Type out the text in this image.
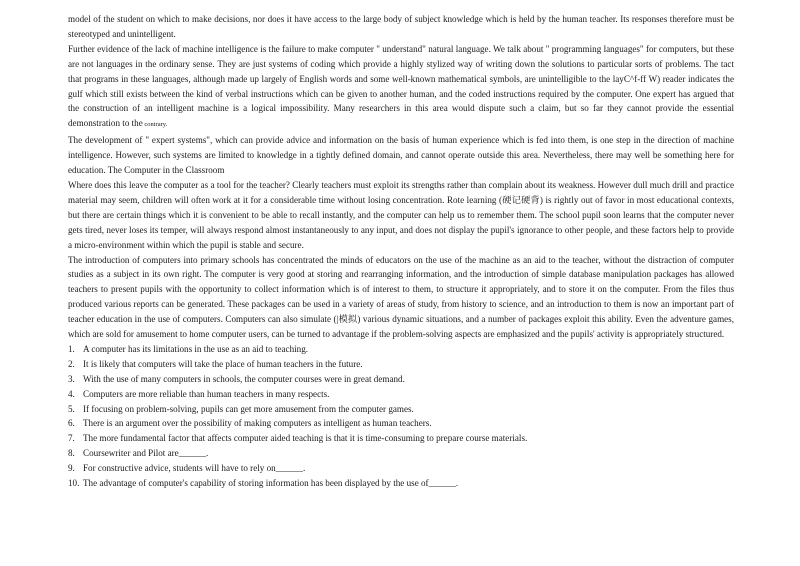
model of the student on which to make decisions, nor does it have access to the large body of subject knowledge which is held by the human teacher. Its responses therefore must be stereotyped and unintelligent.

Further evidence of the lack of machine intelligence is the failure to make computer " understand" natural language. We talk about " programming languages" for computers, but these are not languages in the ordinary sense. They are just systems of coding which provide a highly stylized way of writing down the solutions to particular sorts of problems. The tact that programs in these languages, although made up largely of English words and some well-known mathematical symbols, are unintelligible to the layC^f-ff W) reader indicates the gulf which still exists between the kind of verbal instructions which can be given to another human, and the coded instructions required by the computer. One expert has argued that the construction of an intelligent machine is a logical impossibility. Many researchers in this area would dispute such a claim, but so far they cannot provide the essential demonstration to the contrary.

The development of " expert systems", which can provide advice and information on the basis of human experience which is fed into them, is one step in the direction of machine intelligence. However, such systems are limited to knowledge in a tightly defined domain, and cannot operate outside this area. Nevertheless, there may well be something here for education. The Computer in the Classroom

Where does this leave the computer as a tool for the teacher? Clearly teachers must exploit its strengths rather than complain about its weakness. However dull much drill and practice material may seem, children will often work at it for a considerable time without losing concentration. Rote learning (硬记硬背) is rightly out of favor in most educational contexts, but there are certain things which it is convenient to be able to recall instantly, and the computer can help us to remember them. The school pupil soon learns that the computer never gets tired, never loses its temper, will always respond almost instantaneously to any input, and does not display the pupil's ignorance to other people, and these factors help to provide a micro-environment within which the pupil is stable and secure.

The introduction of computers into primary schools has concentrated the minds of educators on the use of the machine as an aid to the teacher, without the distraction of computer studies as a subject in its own right. The computer is very good at storing and rearranging information, and the introduction of simple database manipulation packages has allowed teachers to present pupils with the opportunity to collect information which is of interest to them, to structure it appropriately, and to store it on the computer. From the files thus produced various reports can be generated. These packages can be used in a variety of areas of study, from history to science, and an introduction to them is now an important part of teacher education in the use of computers. Computers can also simulate (|模拟) various dynamic situations, and a number of packages exploit this ability. Even the adventure games, which are sold for amusement to home computer users, can be turned to advantage if the problem-solving aspects are emphasized and the pupils' activity is appropriately structured.

1. A computer has its limitations in the use as an aid to teaching.
2. It is likely that computers will take the place of human teachers in the future.
3. With the use of many computers in schools, the computer courses were in great demand.
4. Computers are more reliable than human teachers in many respects.
5. If focusing on problem-solving, pupils can get more amusement from the computer games.
6. There is an argument over the possibility of making computers as intelligent as human teachers.
7. The more fundamental factor that affects computer aided teaching is that it is time-consuming to prepare course materials.
8. Coursewriter and Pilot are______.
9. For constructive advice, students will have to rely on______.
10. The advantage of computer's capability of storing information has been displayed by the use of______.
